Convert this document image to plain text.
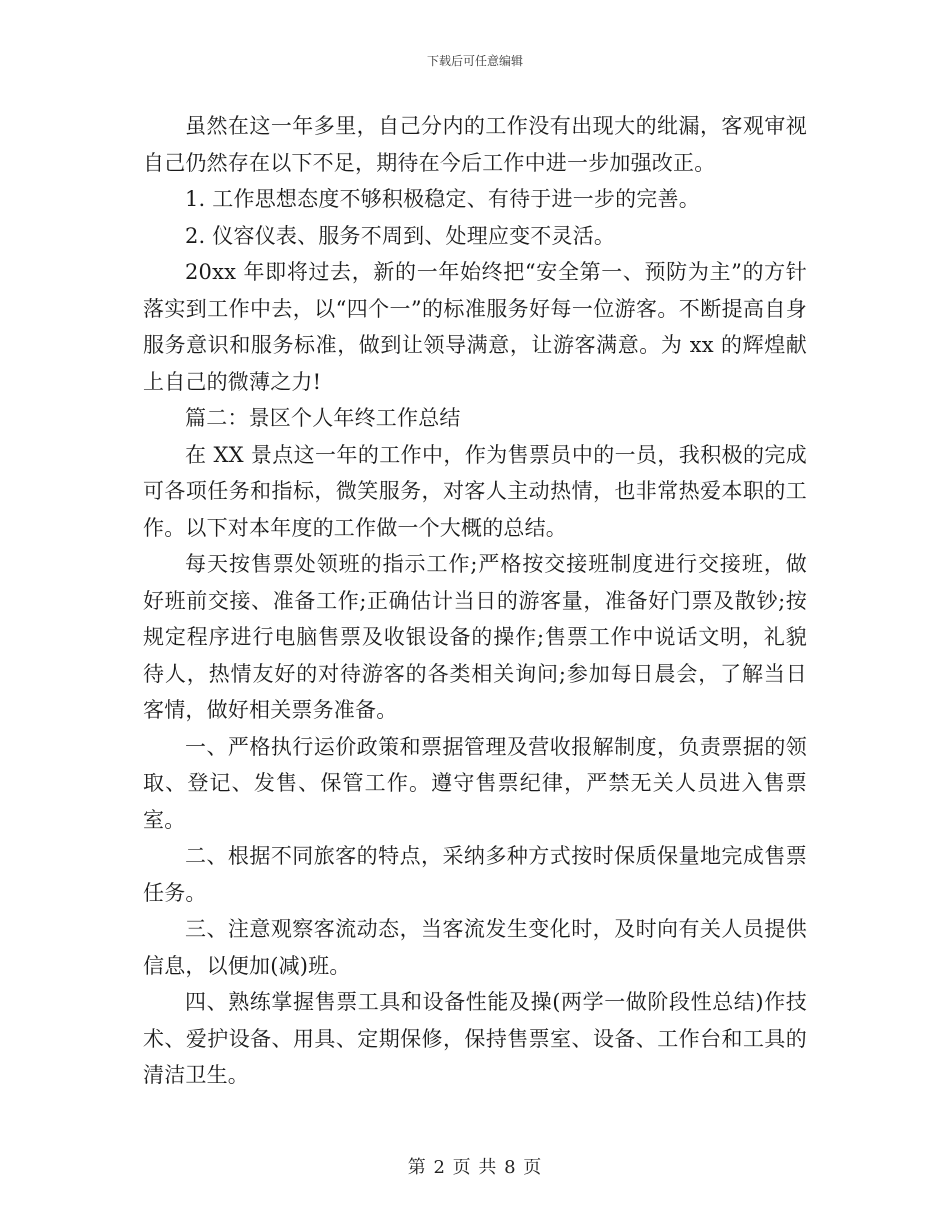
下载后可任意编辑

虽然在这一年多里，自己分内的工作没有出现大的纰漏，客观审视自己仍然存在以下不足，期待在今后工作中进一步加强改正。

1. 工作思想态度不够积极稳定、有待于进一步的完善。

2. 仪容仪表、服务不周到、处理应变不灵活。

20xx 年即将过去，新的一年始终把“安全第一、预防为主”的方针落实到工作中去，以“四个一”的标准服务好每一位游客。不断提高自身服务意识和服务标准，做到让领导满意，让游客满意。为 xx 的辉煌献上自己的微薄之力!

篇二：景区个人年终工作总结

在 XX 景点这一年的工作中，作为售票员中的一员，我积极的完成可各项任务和指标，微笑服务，对客人主动热情，也非常热爱本职的工作。以下对本年度的工作做一个大概的总结。

每天按售票处领班的指示工作;严格按交接班制度进行交接班，做好班前交接、准备工作;正确估计当日的游客量，准备好门票及散钞;按规定程序进行电脑售票及收银设备的操作;售票工作中说话文明，礼貌待人，热情友好的对待游客的各类相关询问;参加每日晨会，了解当日客情，做好相关票务准备。

一、严格执行运价政策和票据管理及营收报解制度，负责票据的领取、登记、发售、保管工作。遵守售票纪律，严禁无关人员进入售票室。

二、根据不同旅客的特点，采纳多种方式按时保质保量地完成售票任务。

三、注意观察客流动态，当客流发生变化时，及时向有关人员提供信息，以便加(减)班。

四、熟练掌握售票工具和设备性能及操(两学一做阶段性总结)作技术、爱护设备、用具、定期保修，保持售票室、设备、工作台和工具的清洁卫生。

第 2 页 共 8 页
